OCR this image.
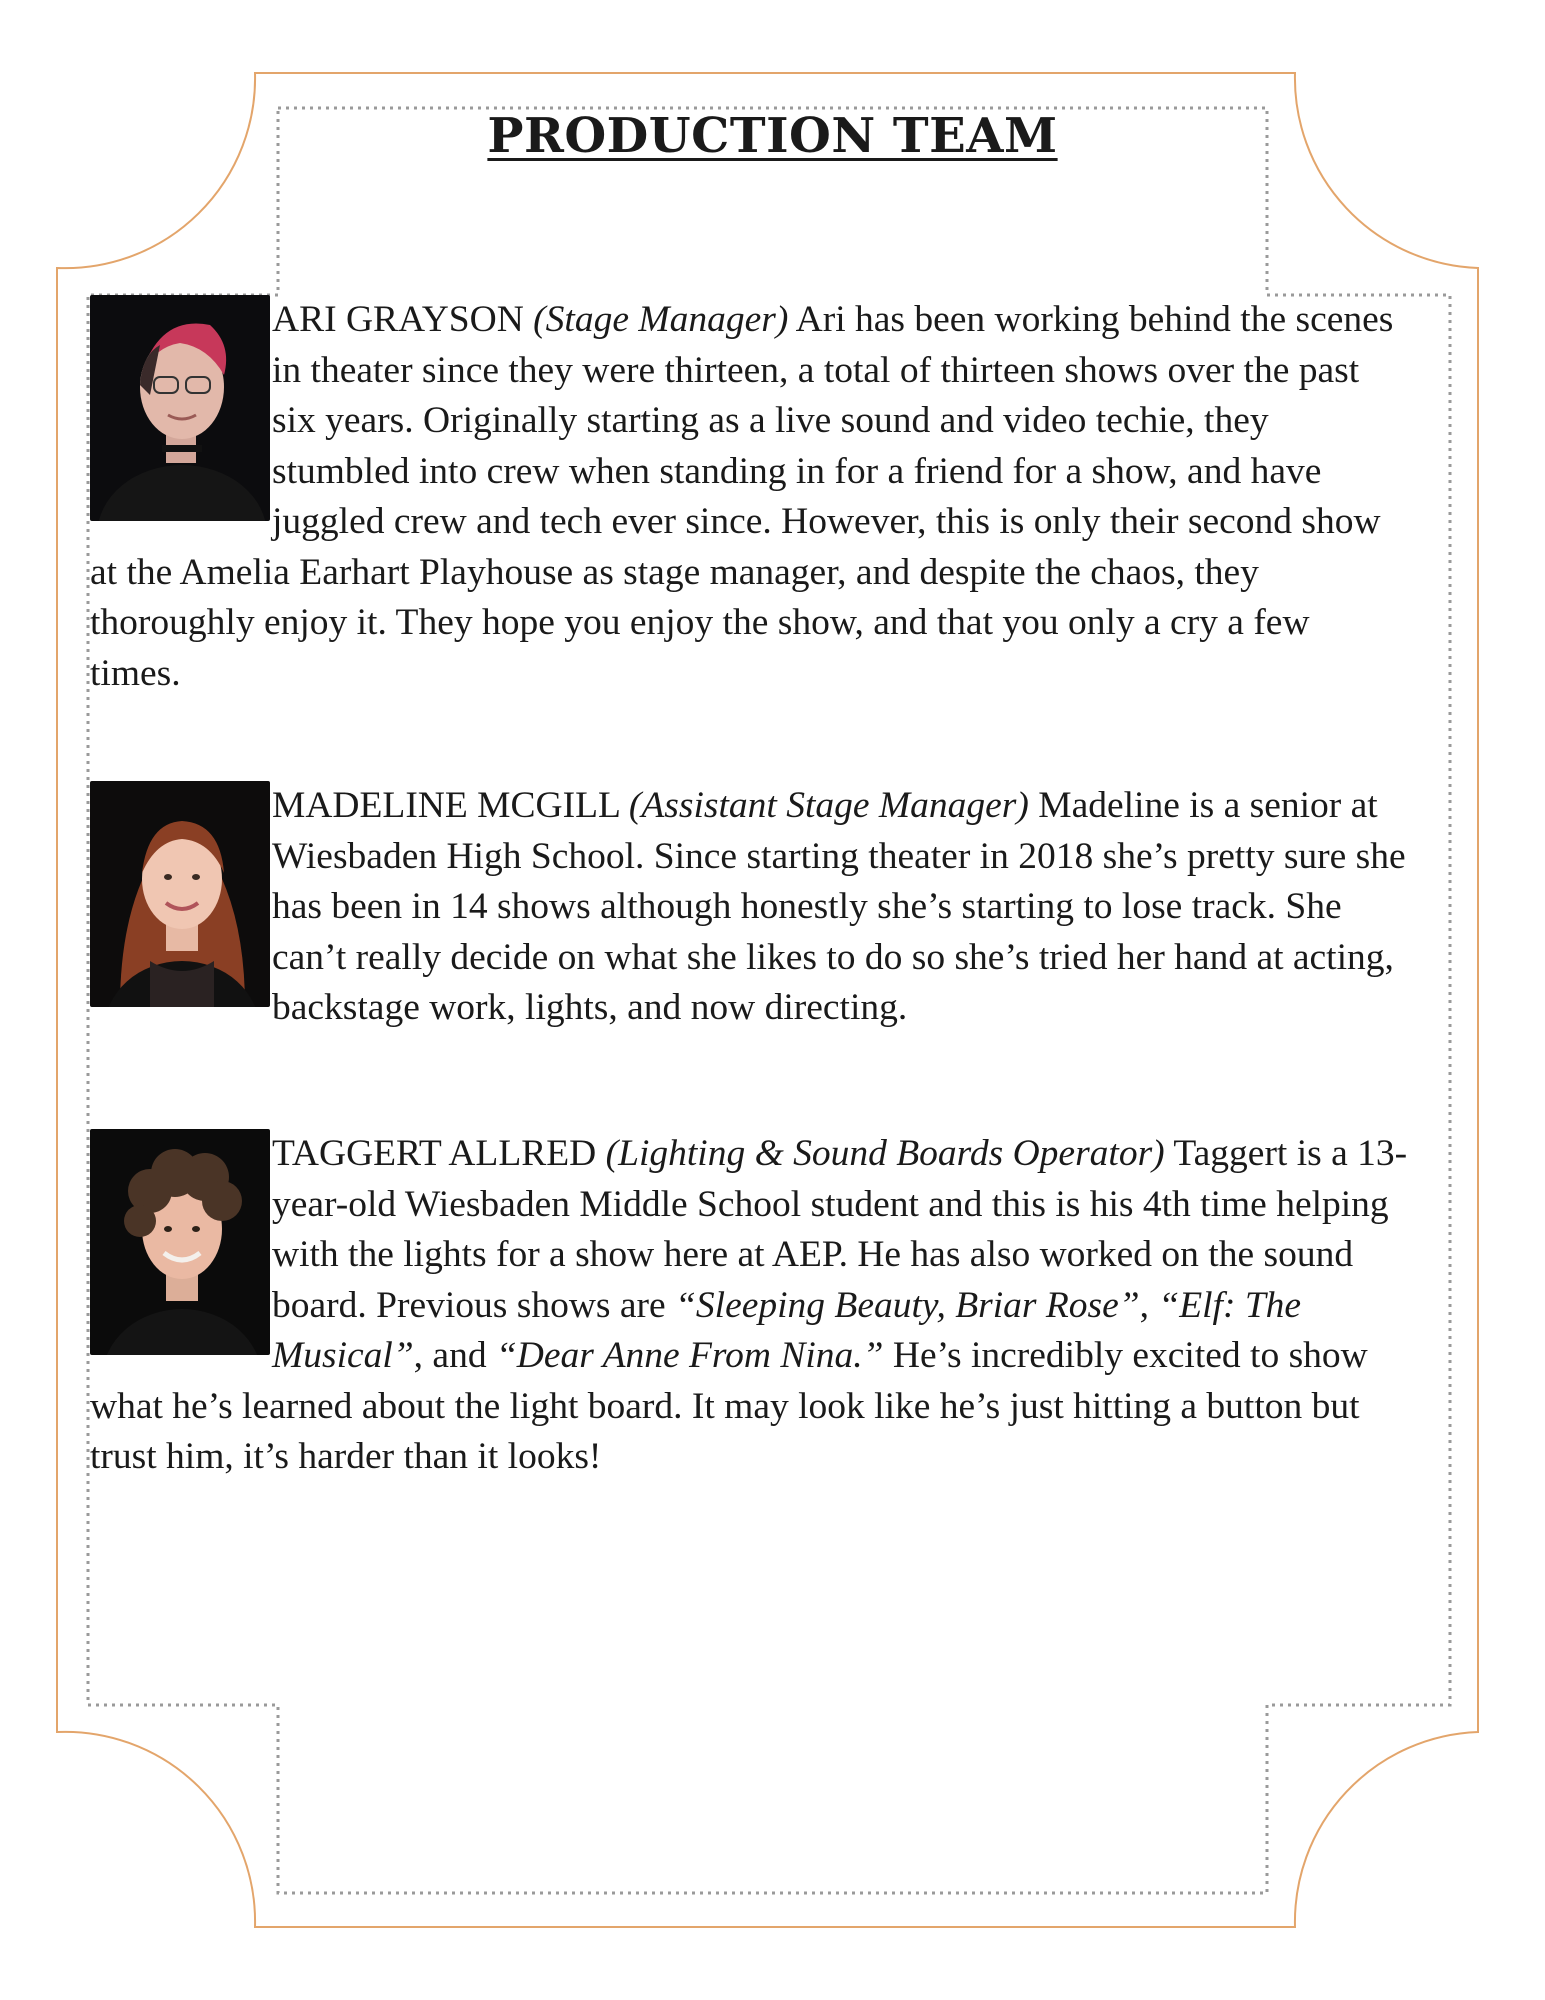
PRODUCTION TEAM
ARI GRAYSON (Stage Manager) Ari has been working behind the scenes in theater since they were thirteen, a total of thirteen shows over the past six years. Originally starting as a live sound and video techie, they stumbled into crew when standing in for a friend for a show, and have juggled crew and tech ever since. However, this is only their second show at the Amelia Earhart Playhouse as stage manager, and despite the chaos, they thoroughly enjoy it. They hope you enjoy the show, and that you only a cry a few times.
MADELINE MCGILL (Assistant Stage Manager) Madeline is a senior at Wiesbaden High School. Since starting theater in 2018 she’s pretty sure she has been in 14 shows although honestly she’s starting to lose track. She can’t really decide on what she likes to do so she’s tried her hand at acting, backstage work, lights, and now directing.
TAGGERT ALLRED (Lighting & Sound Boards Operator) Taggert is a 13-year-old Wiesbaden Middle School student and this is his 4th time helping with the lights for a show here at AEP. He has also worked on the sound board. Previous shows are “Sleeping Beauty, Briar Rose”, “Elf: The Musical”, and “Dear Anne From Nina.” He’s incredibly excited to show what he’s learned about the light board. It may look like he’s just hitting a button but trust him, it’s harder than it looks!
